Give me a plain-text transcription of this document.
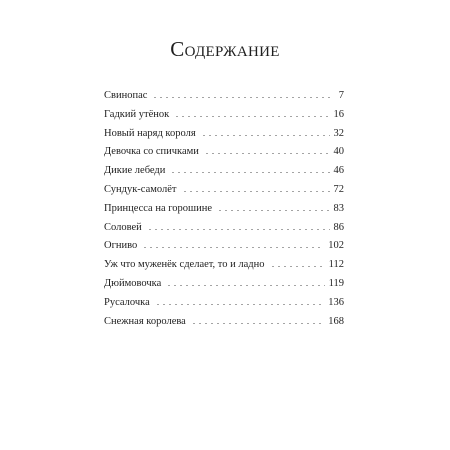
Содержание
Свинопас	7
Гадкий утёнок	16
Новый наряд короля	32
Девочка со спичками	40
Дикие лебеди	46
Сундук-самолёт	72
Принцесса на горошине	83
Соловей	86
Огниво	102
Уж что муженёк сделает, то и ладно	112
Дюймовочка	119
Русалочка	136
Снежная королева	168
